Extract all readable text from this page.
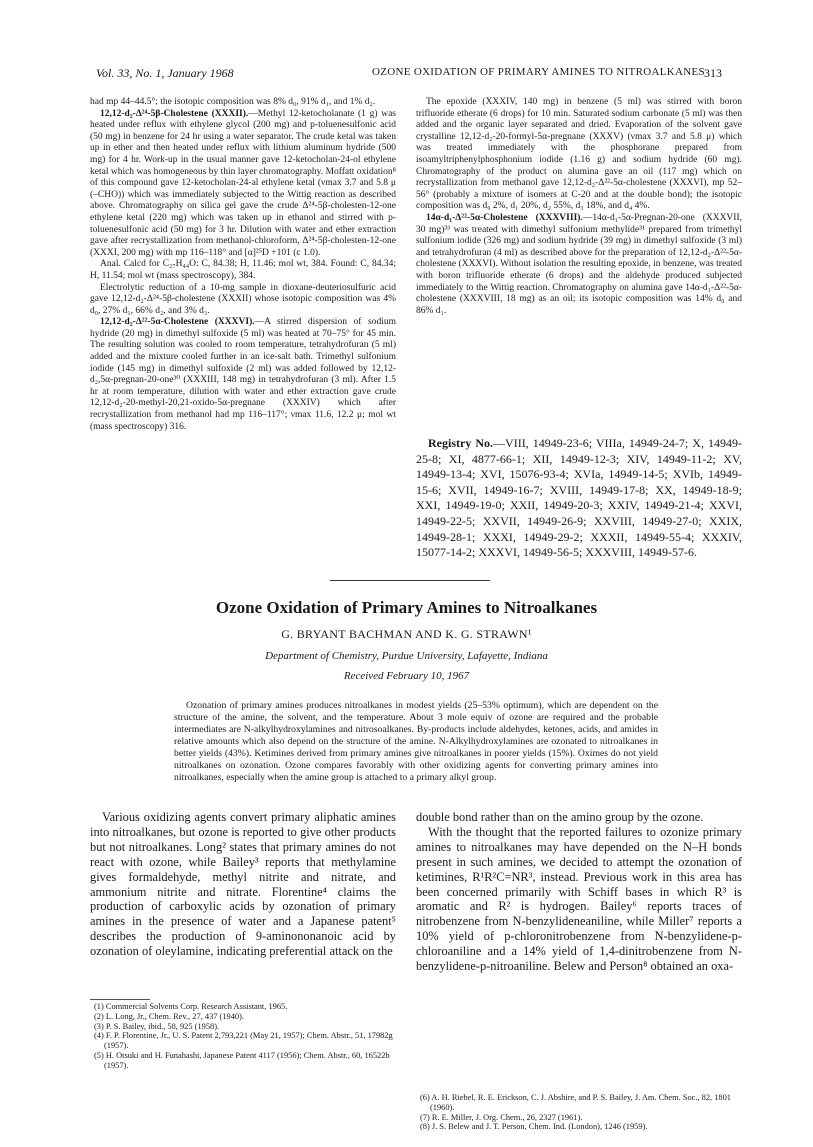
Vol. 33, No. 1, January 1968	OZONE OXIDATION OF PRIMARY AMINES TO NITROALKANES 313

had mp 44–44.5°; the isotopic composition was 8% d₀, 91% d₁, and 1% d₂.

12,12-d₂-Δ²⁴-5β-Cholestene (XXXII).—Methyl 12-ketocholanate (1 g) was heated under reflux with ethylene glycol (200 mg) and p-toluenesulfonic acid (50 mg) in benzene for 24 hr using a water separator. The crude ketal was taken up in ether and then heated under reflux with lithium aluminum hydride (500 mg) for 4 hr. Work-up in the usual manner gave 12-ketocholan-24-ol ethylene ketal which was homogeneous by thin layer chromatography. Moffatt oxidation⁸ of this compound gave 12-ketocholan-24-al ethylene ketal (νmax 3.7 and 5.8 μ (–CHO)) which was immediately subjected to the Wittig reaction as described above. Chromatography on silica gel gave the crude Δ²⁴-5β-cholesten-12-one ethylene ketal (220 mg) which was taken up in ethanol and stirred with p-toluenesulfonic acid (50 mg) for 3 hr. Dilution with water and ether extraction gave after recrystallization from methanol-chloroform, Δ²⁴-5β-cholesten-12-one (XXXI, 200 mg) with mp 116–118° and [α]²⁵D +101 (c 1.0).

Anal. Calcd for C₂₇H₄₄O: C, 84.38; H, 11.46; mol wt, 384. Found: C, 84.34; H, 11.54; mol wt (mass spectroscopy), 384.

Electrolytic reduction of a 10-mg sample in dioxane-deuteriosulfuric acid gave 12,12-d₂-Δ²⁴-5β-cholestene (XXXII) whose isotopic composition was 4% d₀, 27% d₁, 66% d₂, and 3% d₃.

12,12-d₂-Δ²²-5α-Cholestene (XXXVI).—A stirred dispersion of sodium hydride (20 mg) in dimethyl sulfoxide (5 ml) was heated at 70–75° for 45 min. The resulting solution was cooled to room temperature, tetrahydrofuran (5 ml) added and the mixture cooled further in an ice-salt bath. Trimethyl sulfonium iodide (145 mg) in dimethyl sulfoxide (2 ml) was added followed by 12,12-d₂,5α-pregnan-20-one³⁰ (XXXIII, 148 mg) in tetrahydrofuran (3 ml). After 1.5 hr at room temperature, dilution with water and ether extraction gave crude 12,12-d₂-20-methyl-20,21-oxido-5α-pregnane (XXXIV) which after recrystallization from methanol had mp 116–117°; νmax 11.6, 12.2 μ; mol wt (mass spectroscopy) 316.

The epoxide (XXXIV, 140 mg) in benzene (5 ml) was stirred with boron trifluoride etherate (6 drops) for 10 min. Saturated sodium carbonate (5 ml) was then added and the organic layer separated and dried. Evaporation of the solvent gave crystalline 12,12-d₂-20-formyl-5α-pregnane (XXXV) (νmax 3.7 and 5.8 μ) which was treated immediately with the phosphorane prepared from isoamyltriphenylphosphonium iodide (1.16 g) and sodium hydride (60 mg). Chromatography of the product on alumina gave an oil (117 mg) which on recrystallization from methanol gave 12,12-d₂-Δ²²-5α-cholestene (XXXVI), mp 52–56° (probably a mixture of isomers at C-20 and at the double bond); the isotopic composition was d₀ 2%, d₁ 20%, d₂ 55%, d₃ 18%, and d₄ 4%.

14α-d₁-Δ²²-5α-Cholestene (XXXVIII).—14α-d₁-5α-Pregnan-20-one (XXXVII, 30 mg)³³ was treated with dimethyl sulfonium methylide³¹ prepared from trimethyl sulfonium iodide (326 mg) and sodium hydride (39 mg) in dimethyl sulfoxide (3 ml) and tetrahydrofuran (4 ml) as described above for the preparation of 12,12-d₂-Δ²²-5α-cholestene (XXXVI). Without isolation the resulting epoxide, in benzene, was treated with boron trifluoride etherate (6 drops) and the aldehyde produced subjected immediately to the Wittig reaction. Chromatography on alumina gave 14α-d₁-Δ²²-5α-cholestene (XXXVIII, 18 mg) as an oil; its isotopic composition was 14% d₀ and 86% d₁.

Registry No.—VIII, 14949-23-6; VIIIa, 14949-24-7; X, 14949-25-8; XI, 4877-66-1; XII, 14949-12-3; XIV, 14949-11-2; XV, 14949-13-4; XVI, 15076-93-4; XVIa, 14949-14-5; XVIb, 14949-15-6; XVII, 14949-16-7; XVIII, 14949-17-8; XX, 14949-18-9; XXI, 14949-19-0; XXII, 14949-20-3; XXIV, 14949-21-4; XXVI, 14949-22-5; XXVII, 14949-26-9; XXVIII, 14949-27-0; XXIX, 14949-28-1; XXXI, 14949-29-2; XXXII, 14949-55-4; XXXIV, 15077-14-2; XXXVI, 14949-56-5; XXXVIII, 14949-57-6.
Ozone Oxidation of Primary Amines to Nitroalkanes
G. BRYANT BACHMAN AND K. G. STRAWN¹
Department of Chemistry, Purdue University, Lafayette, Indiana
Received February 10, 1967
Ozonation of primary amines produces nitroalkanes in modest yields (25–53% optimum), which are dependent on the structure of the amine, the solvent, and the temperature. About 3 mole equiv of ozone are required and the probable intermediates are N-alkylhydroxylamines and nitrosoalkanes. By-products include aldehydes, ketones, acids, and amides in relative amounts which also depend on the structure of the amine. N-Alkylhydroxylamines are ozonated to nitroalkanes in better yields (43%). Ketimines derived from primary amines give nitroalkanes in poorer yields (15%). Oximes do not yield nitroalkanes on ozonation. Ozone compares favorably with other oxidizing agents for converting primary amines into nitroalkanes, especially when the amine group is attached to a primary alkyl group.

Various oxidizing agents convert primary aliphatic amines into nitroalkanes, but ozone is reported to give other products but not nitroalkanes. Long² states that primary amines do not react with ozone, while Bailey³ reports that methylamine gives formaldehyde, methyl nitrite and nitrate, and ammonium nitrite and nitrate. Florentine⁴ claims the production of carboxylic acids by ozonation of primary amines in the presence of water and a Japanese patent⁵ describes the production of 9-aminononanoic acid by ozonation of oleylamine, indicating preferential attack on the

double bond rather than on the amino group by the ozone.

With the thought that the reported failures to ozonize primary amines to nitroalkanes may have depended on the N–H bonds present in such amines, we decided to attempt the ozonation of ketimines, R¹R²C=NR³, instead. Previous work in this area has been concerned primarily with Schiff bases in which R³ is aromatic and R² is hydrogen. Bailey⁶ reports traces of nitrobenzene from N-benzylideneaniline, while Miller⁷ reports a 10% yield of p-chloronitrobenzene from N-benzylidene-p-chloroaniline and a 14% yield of 1,4-dinitrobenzene from N-benzylidene-p-nitroaniline. Belew and Person⁸ obtained an oxa-

(1) Commercial Solvents Corp. Research Assistant, 1965.
(2) L. Long, Jr., Chem. Rev., 27, 437 (1940).
(3) P. S. Bailey, ibid., 58, 925 (1958).
(4) F. P. Florentine, Jr., U. S. Patent 2,793,221 (May 21, 1957); Chem. Abstr., 51, 17982g (1957).
(5) H. Otsuki and H. Funahashi, Japanese Patent 4117 (1956); Chem. Abstr., 60, 16522b (1957).
(6) A. H. Riebel, R. E. Erickson, C. J. Abshire, and P. S. Bailey, J. Am. Chem. Soc., 82, 1801 (1960).
(7) R. E. Miller, J. Org. Chem., 26, 2327 (1961).
(8) J. S. Belew and J. T. Person, Chem. Ind. (London), 1246 (1959).
